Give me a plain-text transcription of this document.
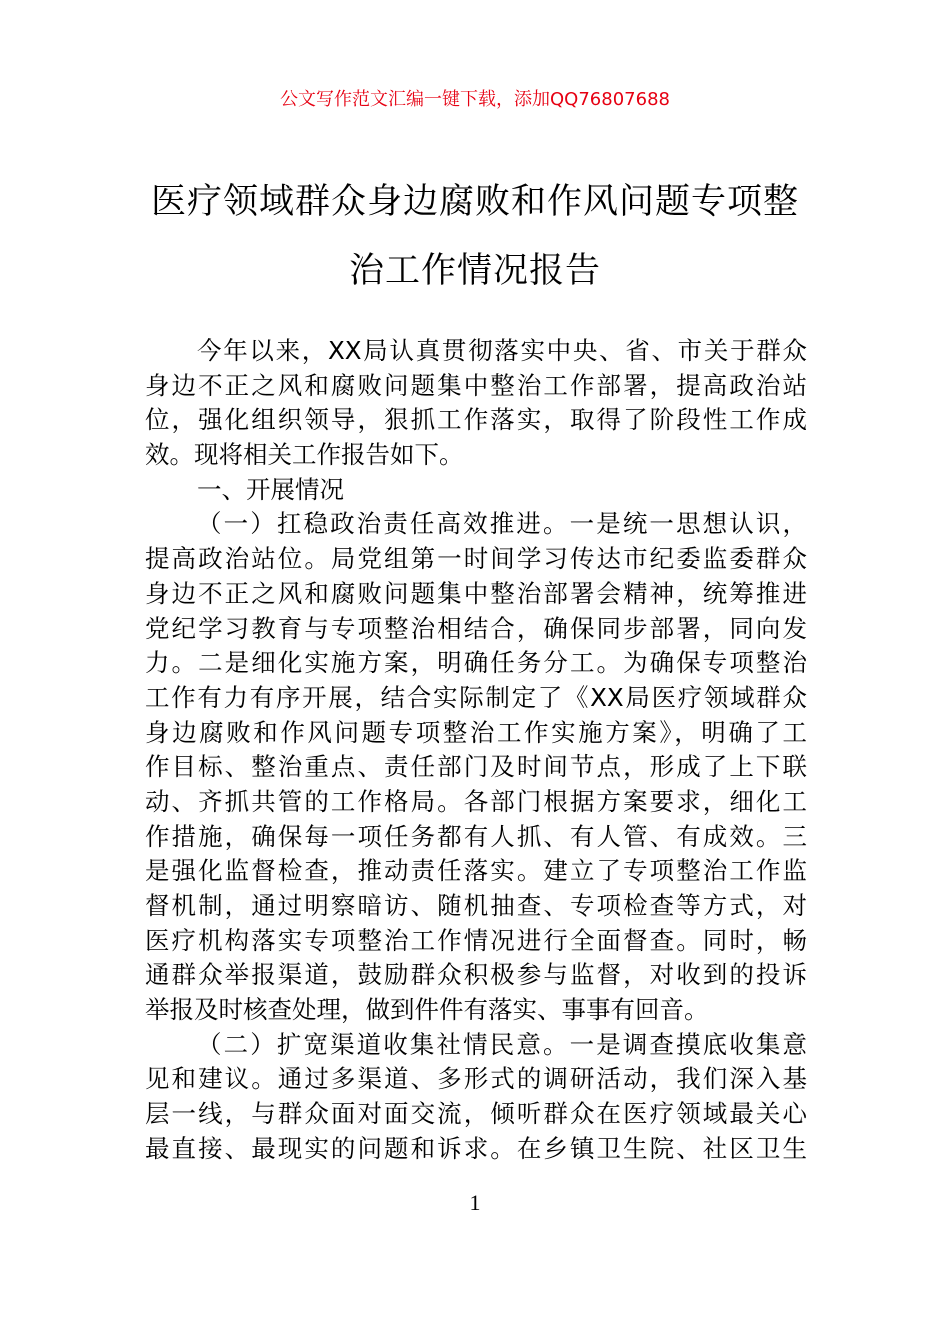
公文写作范文汇编一键下载，添加QQ76807688
医疗领域群众身边腐败和作风问题专项整
治工作情况报告
今年以来，XX局认真贯彻落实中央、省、市关于群众
身边不正之风和腐败问题集中整治工作部署，提高政治站
位，强化组织领导，狠抓工作落实，取得了阶段性工作成
效。现将相关工作报告如下。
一、开展情况
（一）扛稳政治责任高效推进。一是统一思想认识，
提高政治站位。局党组第一时间学习传达市纪委监委群众
身边不正之风和腐败问题集中整治部署会精神，统筹推进
党纪学习教育与专项整治相结合，确保同步部署，同向发
力。二是细化实施方案，明确任务分工。为确保专项整治
工作有力有序开展，结合实际制定了《XX局医疗领域群众
身边腐败和作风问题专项整治工作实施方案》，明确了工
作目标、整治重点、责任部门及时间节点，形成了上下联
动、齐抓共管的工作格局。各部门根据方案要求，细化工
作措施，确保每一项任务都有人抓、有人管、有成效。三
是强化监督检查，推动责任落实。建立了专项整治工作监
督机制，通过明察暗访、随机抽查、专项检查等方式，对
医疗机构落实专项整治工作情况进行全面督查。同时，畅
通群众举报渠道，鼓励群众积极参与监督，对收到的投诉
举报及时核查处理，做到件件有落实、事事有回音。
（二）扩宽渠道收集社情民意。一是调查摸底收集意
见和建议。通过多渠道、多形式的调研活动，我们深入基
层一线，与群众面对面交流，倾听群众在医疗领域最关心
最直接、最现实的问题和诉求。在乡镇卫生院、社区卫生
1
